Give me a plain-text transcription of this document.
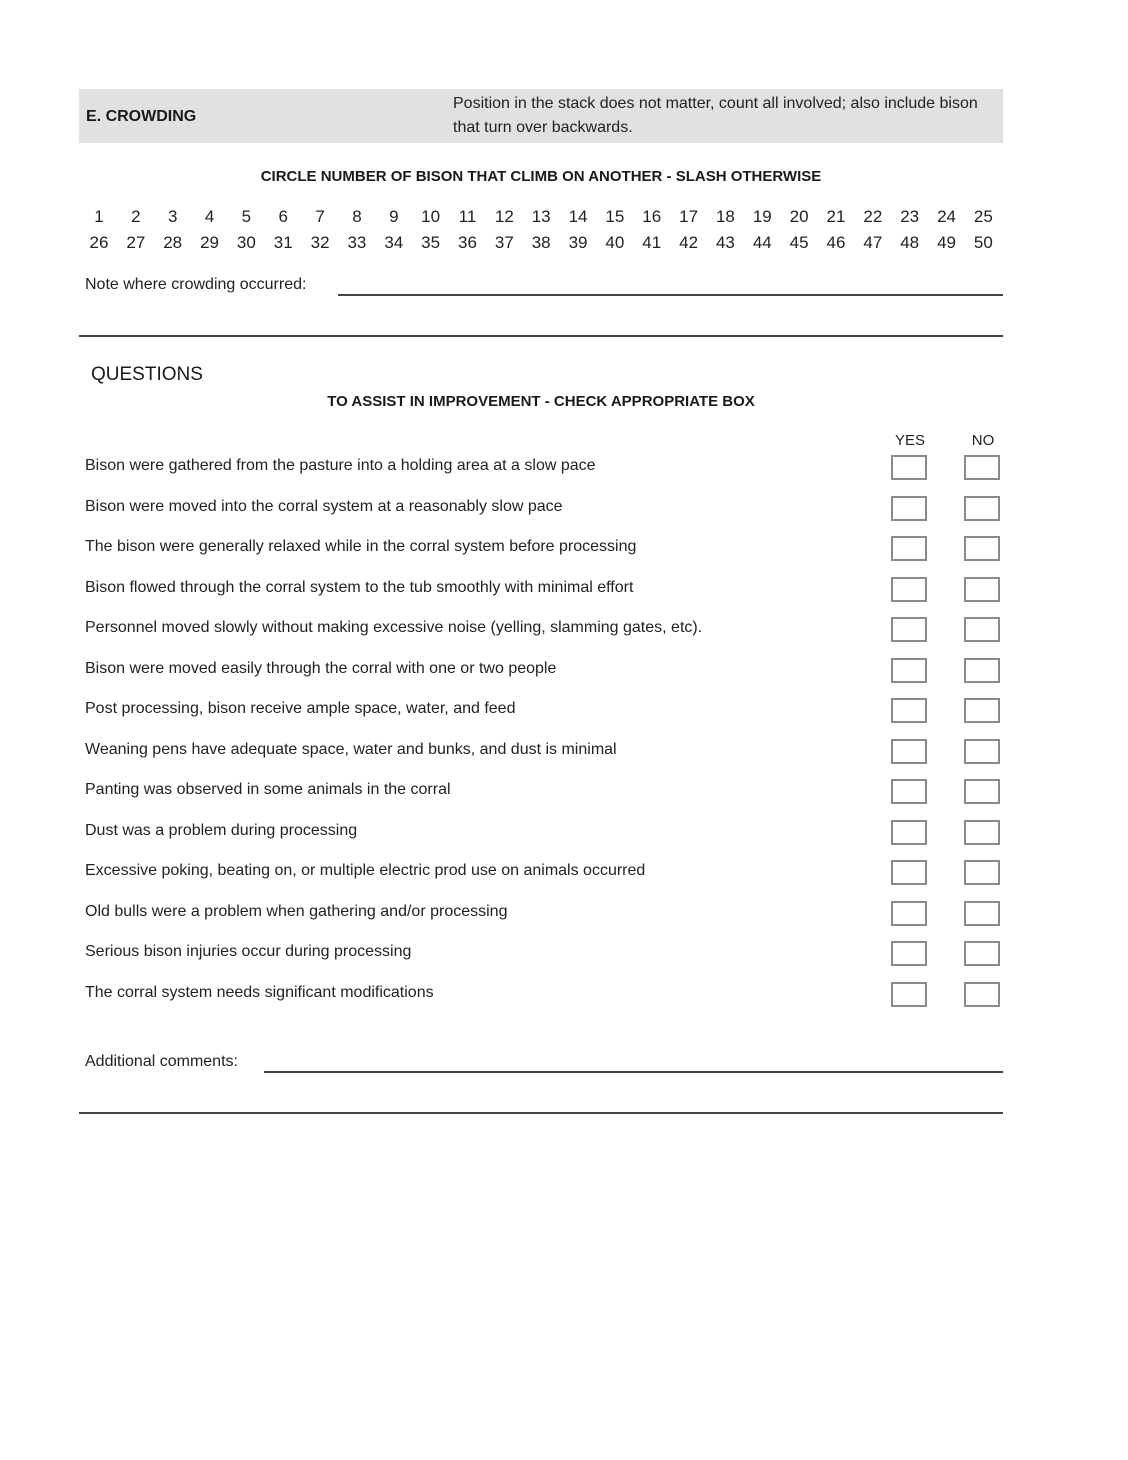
E. CROWDING
Position in the stack does not matter, count all involved; also include bison that turn over backwards.
CIRCLE NUMBER OF BISON THAT CLIMB ON ANOTHER - SLASH OTHERWISE
1	2	3	4	5	6	7	8	9	10	11	12	13	14	15	16	17	18	19	20	21	22	23	24	25
26	27	28	29	30	31	32	33	34	35	36	37	38	39	40	41	42	43	44	45	46	47	48	49	50
Note where crowding occurred:
QUESTIONS
TO ASSIST IN IMPROVEMENT - CHECK APPROPRIATE BOX
YES	NO
Bison were gathered from the pasture into a holding area at a slow pace
Bison were moved into the corral system at a reasonably slow pace
The bison were generally relaxed while in the corral system before processing
Bison flowed through the corral system to the tub smoothly with minimal effort
Personnel moved slowly without making excessive noise (yelling, slamming gates, etc).
Bison were moved easily through the corral with one or two people
Post processing, bison receive ample space, water, and feed
Weaning pens have adequate space, water and bunks, and dust is minimal
Panting was observed in some animals in the corral
Dust was a problem during processing
Excessive poking, beating on, or multiple electric prod use on animals occurred
Old bulls were a problem when gathering and/or processing
Serious bison injuries occur during processing
The corral system needs significant modifications
Additional comments:
